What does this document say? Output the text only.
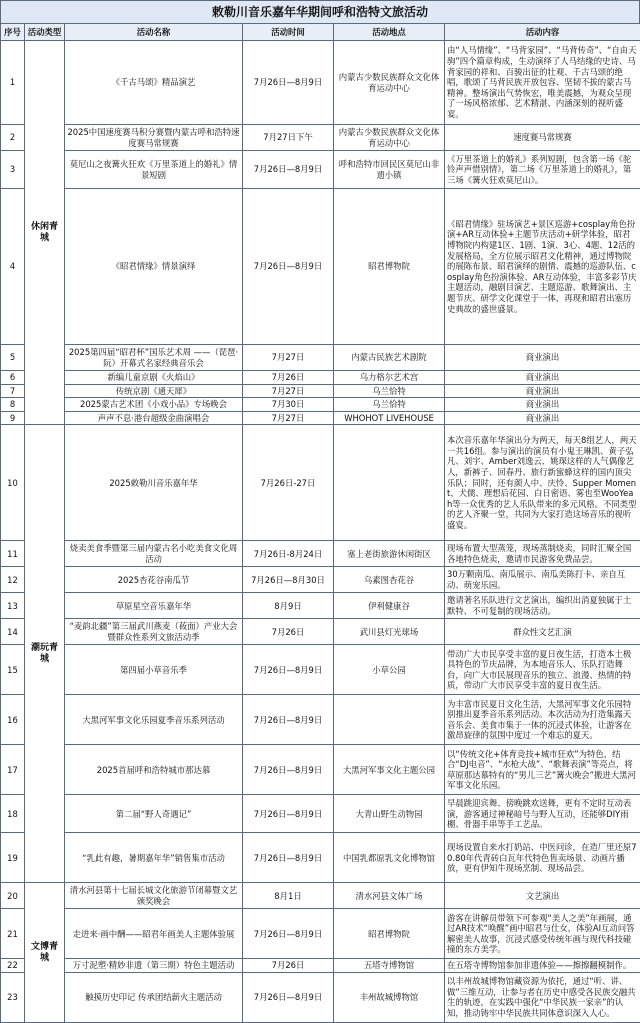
敕勒川音乐嘉年华期间呼和浩特文旅活动
序号	活动类型	活动名称	活动时间	活动地点	活动内容
1	休闲青城	《千古马颂》精品演艺	7月26日—8月9日	内蒙古少数民族群众文化体育运动中心	由“人马情缘”、“马背家园”、“马背传奇”、“自由天驹”四个篇章构成，生动演绎了人马结缘的史诗、马背家园的祥和、百骏出征的壮观、千古马颂的绝唱，歌颂了马背民族开放包容、坚韧不拔的蒙古马精神。整场演出气势恢宏，唯美震撼，为观众呈现了一场风格浓郁、艺术精湛、内涵深刻的视听盛宴。
2		2025中国速度赛马积分赛暨内蒙古呼和浩特速度赛马常规赛	7月27日下午	内蒙古少数民族群众文化体育运动中心	速度赛马常规赛
3		莫尼山之夜篝火狂欢《万里茶道上的婚礼》情景短剧	7月26日—8月9日	呼和浩特市回民区莫尼山非遗小镇	《万里茶道上的婚礼》系列短剧，包含第一场《驼铃声声惜别情》，第二场《万里茶道上的婚礼》，第三场《篝火狂欢莫尼山》。
4		《昭君情缘》情景演绎	7月26日—8月9日	昭君博物院	《昭君情缘》驻场演艺+景区巡游+cosplay角色扮演+AR互动体验+主题节庆活动+研学体验，昭君博物院内构建1区、1剧、1演、3心、4题、12活的发展格局，全方位展示昭君文化精神，通过博物院的展陈布景、昭君演绎的剧情、震撼的巡游队伍、cosplay角色扮演体验、AR互动体验，丰富多彩节庆主题活动，融剧目演艺、主题巡游、歌舞演出、主题节庆、研学文化课堂于一体，再现和昭君出塞历史典故的盛世盛景。
5		2025第四届“昭君杯”国乐艺术周 ——（琵琶·阮）开幕式名家经典音乐会	7月27日	内蒙古民族艺术剧院	商业演出
6		新编儿童京剧《火焰山》	7月26日	乌力格尔艺术宫	商业演出
7		传统京剧《通天犀》	7月27日	乌兰恰特	商业演出
8		2025蒙古艺术团《小戏小品》专场晚会	7月30日	乌兰恰特	商业演出
9		声声不息·港台超级金曲演唱会	7月27日	WHOHOT LIVEHOUSE	商业演出
10	潮玩青城	2025敕勒川音乐嘉年华	7月26日-27日		本次音乐嘉年华演出分为两天，每天8组艺人，两天一共16组。参与演出的演员有小鬼王琳凯、黄子弘凡、刘宇、Amber刘逸云、姚琛这样的人气偶像艺人，新裤子、回春丹、旅行新蜜蜂这样的国内顶尖乐队；同时，还有颜人中、庆怜、Supper Moment、犬儒、理想后花园、白日密语、雾也至WooYeah等一众优秀的艺人乐队带来的多元风格。不同类型的艺人齐聚一堂，共同为大家打造这场音乐的视听盛宴。
11		烧卖美食季暨第三届内蒙古名小吃美食文化周活动	7月26日-8月24日	塞上老街旅游休闲街区	现场布置大型蒸笼，现场蒸制烧卖，同时汇聚全国各地特色烧卖，邀请市民游客免费品尝。
12		2025杏花谷南瓜节	7月26日—8月30日	乌素图杏花谷	30万颗南瓜、南瓜展示、南瓜美陈打卡、亲自互动、萌宠乐园。
13		草原星空音乐嘉年华	8月9日	伊利健康谷	邀请著名乐队进行文艺演出，编织出消夏独属于土默特、不可复制的现场活动。
14		“麦韵北疆”第三届武川燕麦（莜面）产业大会暨群众性系列文旅活动季	7月26日	武川县灯光球场	群众性文艺汇演
15		第四届小草音乐季	7月26日—8月9日	小草公园	带动广大市民享受丰富的夏日夜生活，打造本土极具特色的节庆品牌，为本地音乐人、乐队打造舞台，向广大市民展现音乐的独立、浪漫、热情的特质，带动广大市民享受丰富的夏日夜生活。
16		大黑河军事文化乐园夏季音乐系列活动	7月26日—8月9日		为丰富市民夏日文化生活，大黑河军事文化乐园特别推出夏季音乐系列活动。本次活动为打造集露天音乐会、美食市集于一体的沉浸式体验，让游客在激昂旋律的氛围中度过一个难忘的夏天。
17		2025首届呼和浩特城市那达慕	7月26日—8月9日	大黑河军事文化主题公园	以“传统文化+体育竞技+城市狂欢”为特色，结合“DJ电音”、“水枪大战”、“歌舞表演”等亮点，将草原那达慕特有的“男儿三艺”篝火晚会”搬进大黑河军事文化乐园。
18		第二届“野人奇遇记”	7月26日—8月9日	大青山野生动物园	早晨跳迎宾舞、傍晚跳欢送舞，更有不定时互动表演，游客通过神秘暗号与野人互动，还能够DIY雨棚、骨器手串等手工艺品。
19		“乳此有趣，暑期嘉年华”销售集市活动	7月26日—8月9日	中国乳都原乳文化博物馆	现场设置自来水打奶站、中医问诊，在造厂里还原70.80年代青砖白瓦年代特色售卖场景、动画片播放，更有伊知牛现场烹制、现场品尝。
20	文博青城	清水河县第十七届长城文化旅游节闭幕暨文艺颁奖晚会	8月1日	清水河县文体广场	文艺演出
21		走进来·画中酬——昭君年画美人主题体验展	7月26日—8月9日	昭君博物院	游客在讲解员带领下可参观“美人之美”年画展，通过AR技术“唤醒”画中昭君与仕女，体验AI互动问答解密美人故事，沉浸式感受传统年画与现代科技碰撞的东方美学。
22		万寸泥塑·精妙非遗（第三期）特色主题活动	7月26日	五塔寺博物馆	在五塔寺博物馆参加非遗体验——擦擦翻模制作。
23		触摸历史印记 传承团结薪火主题活动	7月26日—8月9日	丰州故城博物馆	以丰州故城博物馆藏资源为依托，通过“听、讲、做”三维互动，让参与者在历史中感受各民族交融共生的轨迹，在实践中强化“中华民族一家亲”的认知，推动铸牢中华民族共同体意识深入人心。
